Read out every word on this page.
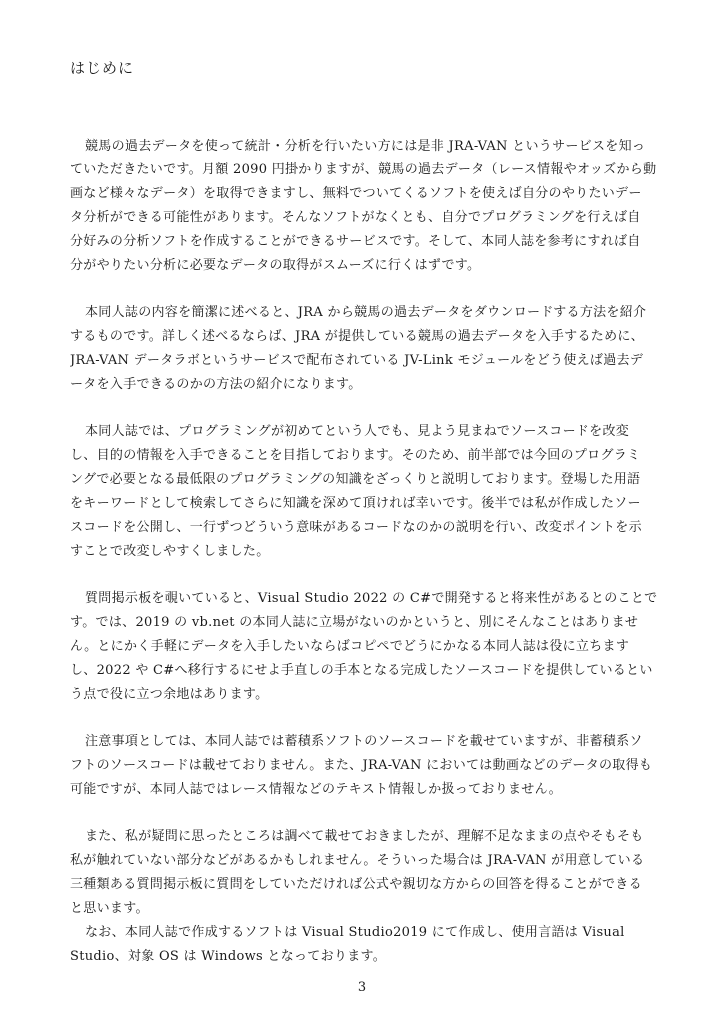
はじめに
競馬の過去データを使って統計・分析を行いたい方には是非 JRA-VAN というサービスを知っ
ていただきたいです。月額 2090 円掛かりますが、競馬の過去データ（レース情報やオッズから動
画など様々なデータ）を取得できますし、無料でついてくるソフトを使えば自分のやりたいデー
タ分析ができる可能性があります。そんなソフトがなくとも、自分でプログラミングを行えば自
分好みの分析ソフトを作成することができるサービスです。そして、本同人誌を参考にすれば自
分がやりたい分析に必要なデータの取得がスムーズに行くはずです。
本同人誌の内容を簡潔に述べると、JRA から競馬の過去データをダウンロードする方法を紹介
するものです。詳しく述べるならば、JRA が提供している競馬の過去データを入手するために、
JRA-VAN データラボというサービスで配布されている JV-Link モジュールをどう使えば過去デ
ータを入手できるのかの方法の紹介になります。
本同人誌では、プログラミングが初めてという人でも、見よう見まねでソースコードを改変
し、目的の情報を入手できることを目指しております。そのため、前半部では今回のプログラミ
ングで必要となる最低限のプログラミングの知識をざっくりと説明しております。登場した用語
をキーワードとして検索してさらに知識を深めて頂ければ幸いです。後半では私が作成したソー
スコードを公開し、一行ずつどういう意味があるコードなのかの説明を行い、改変ポイントを示
すことで改変しやすくしました。
質問掲示板を覗いていると、Visual Studio 2022 の C#で開発すると将来性があるとのことで
す。では、2019 の vb.net の本同人誌に立場がないのかというと、別にそんなことはありませ
ん。とにかく手軽にデータを入手したいならばコピペでどうにかなる本同人誌は役に立ちます
し、2022 や C#へ移行するにせよ手直しの手本となる完成したソースコードを提供しているとい
う点で役に立つ余地はあります。
注意事項としては、本同人誌では蓄積系ソフトのソースコードを載せていますが、非蓄積系ソ
フトのソースコードは載せておりません。また、JRA-VAN においては動画などのデータの取得も
可能ですが、本同人誌ではレース情報などのテキスト情報しか扱っておりません。
また、私が疑問に思ったところは調べて載せておきましたが、理解不足なままの点やそもそも
私が触れていない部分などがあるかもしれません。そういった場合は JRA-VAN が用意している
三種類ある質問掲示板に質問をしていただければ公式や親切な方からの回答を得ることができる
と思います。
なお、本同人誌で作成するソフトは Visual Studio2019 にて作成し、使用言語は Visual
Studio、対象 OS は Windows となっております。
3
